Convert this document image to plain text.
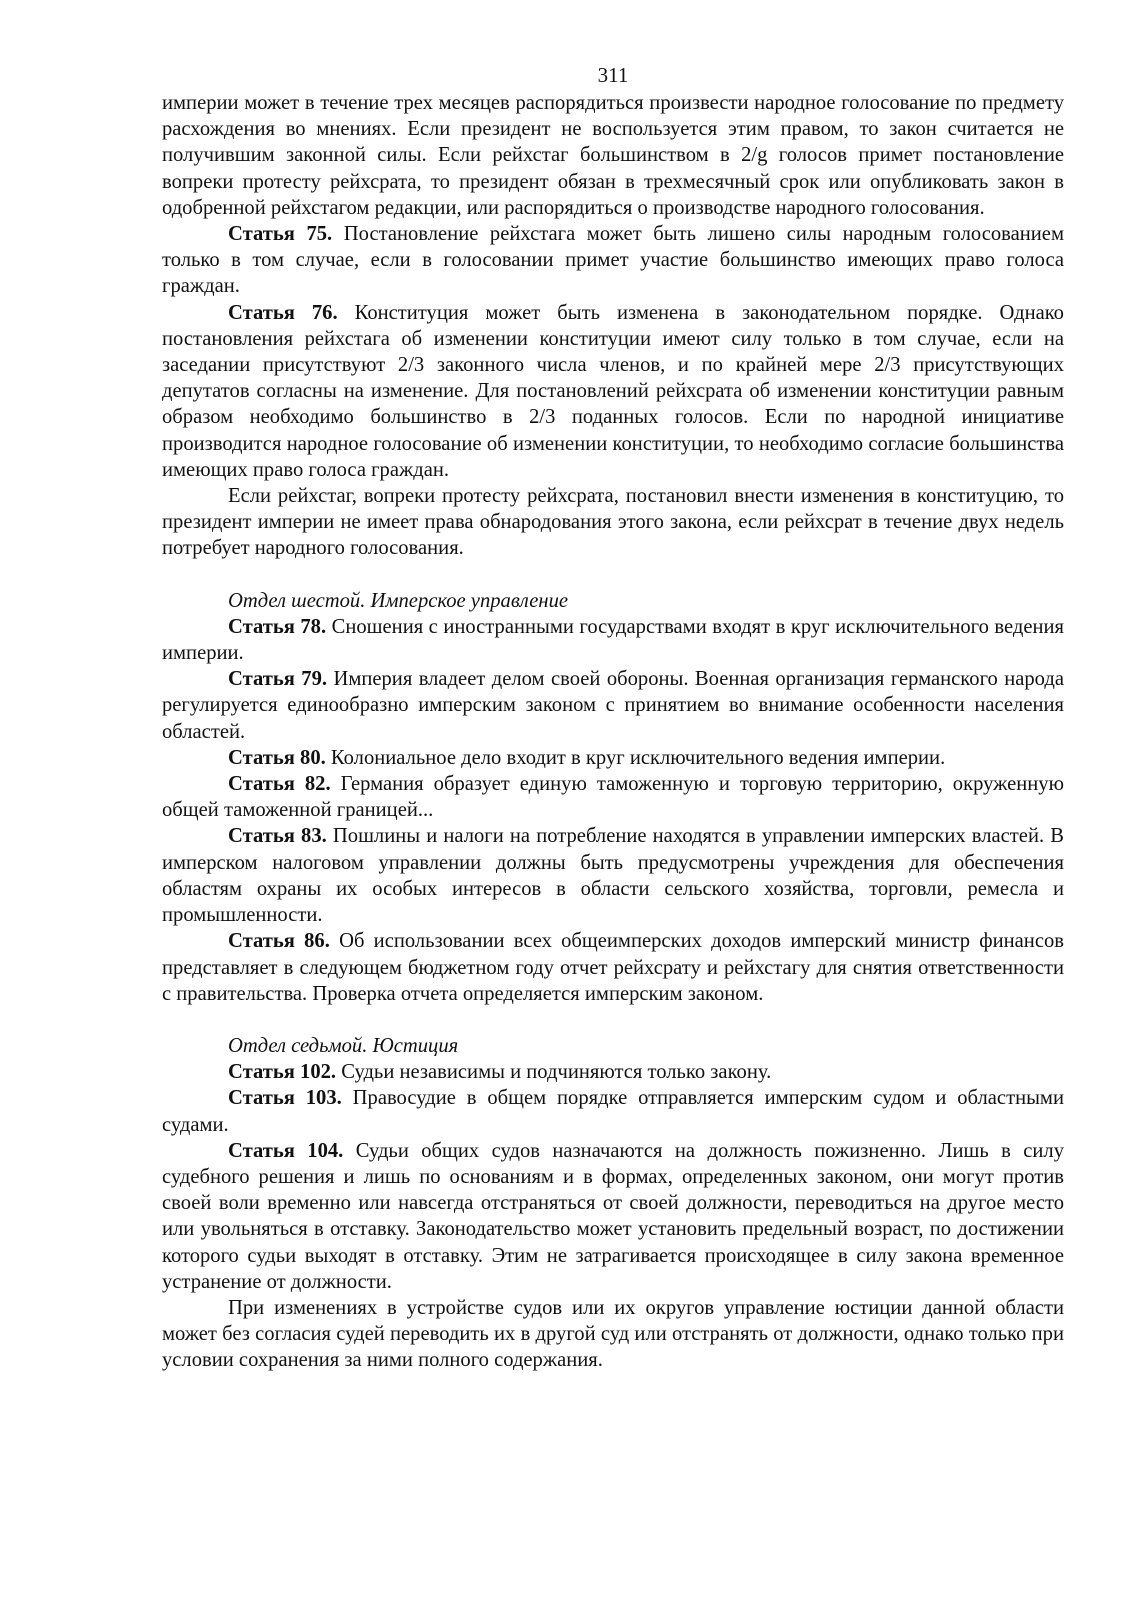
311

империи может в течение трех месяцев распорядиться произвести народное голосование по предмету расхождения во мнениях. Если президент не воспользуется этим правом, то закон считается не получившим законной силы. Если рейхстаг большинством в 2/g голосов примет постановление вопреки протесту рейхсрата, то президент обязан в трехмесячный срок или опубликовать закон в одобренной рейхстагом редакции, или распорядиться о производстве народного голосования.

Статья 75. Постановление рейхстага может быть лишено силы народным голосованием только в том случае, если в голосовании примет участие большинство имеющих право голоса граждан.

Статья 76. Конституция может быть изменена в законодательном порядке. Однако постановления рейхстага об изменении конституции имеют силу только в том случае, если на заседании присутствуют 2/3 законного числа членов, и по крайней мере 2/3 присутствующих депутатов согласны на изменение. Для постановлений рейхсрата об изменении конституции равным образом необходимо большинство в 2/3 поданных голосов. Если по народной инициативе производится народное голосование об изменении конституции, то необходимо согласие большинства имеющих право голоса граждан.

Если рейхстаг, вопреки протесту рейхсрата, постановил внести изменения в конституцию, то президент империи не имеет права обнародования этого закона, если рейхсрат в течение двух недель потребует народного голосования.

Отдел шестой. Имперское управление

Статья 78. Сношения с иностранными государствами входят в круг исключительного ведения империи.

Статья 79. Империя владеет делом своей обороны. Военная организация германского народа регулируется единообразно имперским законом с принятием во внимание особенности населения областей.

Статья 80. Колониальное дело входит в круг исключительного ведения империи.

Статья 82. Германия образует единую таможенную и торговую территорию, окруженную общей таможенной границей...

Статья 83. Пошлины и налоги на потребление находятся в управлении имперских властей. В имперском налоговом управлении должны быть предусмотрены учреждения для обеспечения областям охраны их особых интересов в области сельского хозяйства, торговли, ремесла и промышленности.

Статья 86. Об использовании всех общеимперских доходов имперский министр финансов представляет в следующем бюджетном году отчет рейхсрату и рейхстагу для снятия ответственности с правительства. Проверка отчета определяется имперским законом.

Отдел седьмой. Юстиция

Статья 102. Судьи независимы и подчиняются только закону.

Статья 103. Правосудие в общем порядке отправляется имперским судом и областными судами.

Статья 104. Судьи общих судов назначаются на должность пожизненно. Лишь в силу судебного решения и лишь по основаниям и в формах, определенных законом, они могут против своей воли временно или навсегда отстраняться от своей должности, переводиться на другое место или увольняться в отставку. Законодательство может установить предельный возраст, по достижении которого судьи выходят в отставку. Этим не затрагивается происходящее в силу закона временное устранение от должности.

При изменениях в устройстве судов или их округов управление юстиции данной области может без согласия судей переводить их в другой суд или отстранять от должности, однако только при условии сохранения за ними полного содержания.
